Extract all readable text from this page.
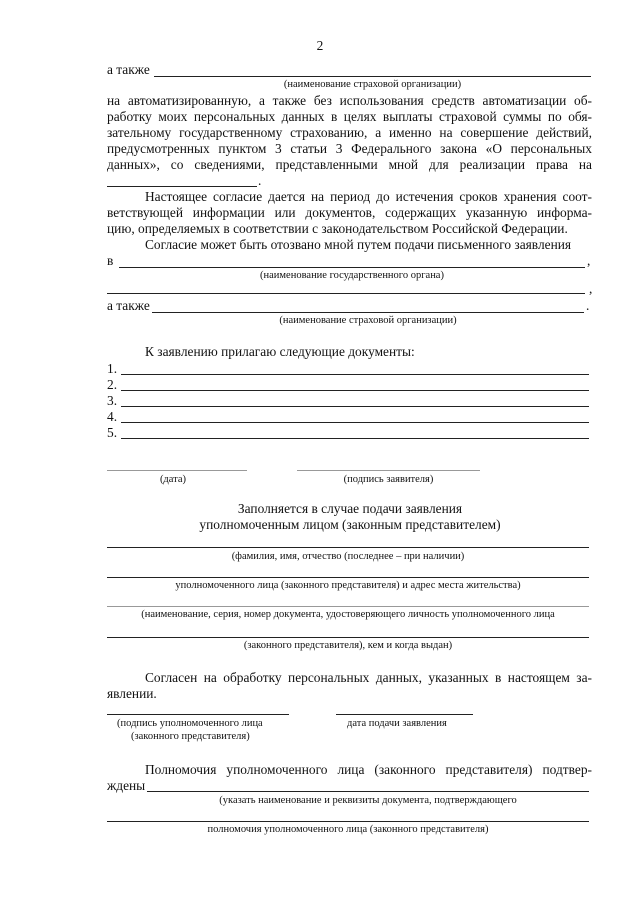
2
а также
(наименование страховой организации)
на автоматизированную, а также без использования средств автоматизации об-
работку моих персональных данных в целях выплаты страховой суммы по обя-
зательному государственному страхованию, а именно на совершение действий,
предусмотренных пунктом 3 статьи 3 Федерального закона «О персональных
данных», со сведениями, представленными мной для реализации права на
.
Настоящее согласие дается на период до истечения сроков хранения соот-
ветствующей информации или документов, содержащих указанную информа-
цию, определяемых в соответствии с законодательством Российской Федерации.
Согласие может быть отозвано мной путем подачи письменного заявления
в	,
(наименование государственного органа)
,
а также	.
(наименование страховой организации)
К заявлению прилагаю следующие документы:
1.
2.
3.
4.
5.
(дата)	(подпись заявителя)
Заполняется в случае подачи заявления
уполномоченным лицом (законным представителем)
(фамилия, имя, отчество (последнее – при наличии)
уполномоченного лица (законного представителя) и адрес места жительства)
(наименование, серия, номер документа, удостоверяющего личность уполномоченного лица
(законного представителя), кем и когда выдан)
Согласен на обработку персональных данных, указанных в настоящем за-
явлении.
(подпись уполномоченного лица
(законного представителя)
дата подачи заявления
Полномочия уполномоченного лица (законного представителя) подтвер-
ждены
(указать наименование и реквизиты документа, подтверждающего
полномочия уполномоченного лица (законного представителя)
